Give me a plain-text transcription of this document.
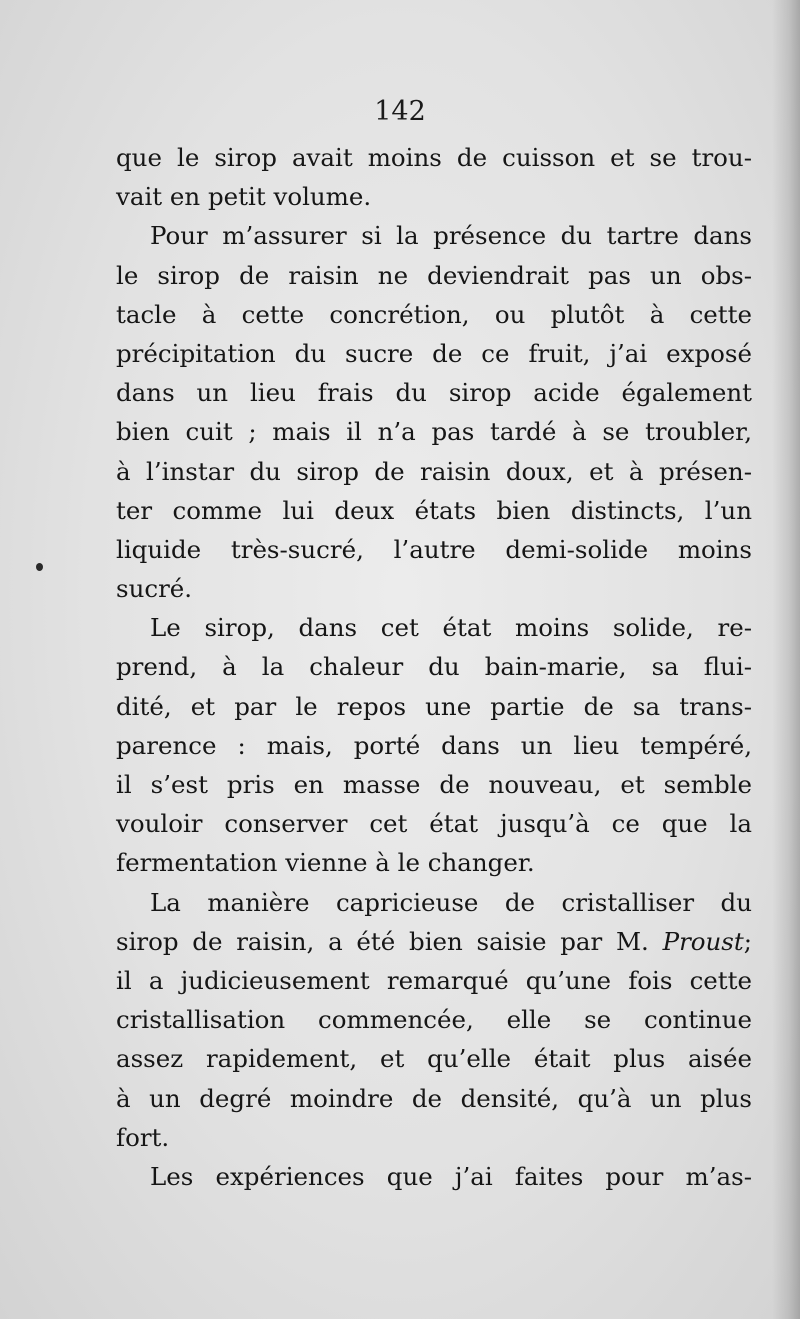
142
que le sirop avait moins de cuisson et se trou-
vait en petit volume.
Pour m’assurer si la présence du tartre dans
le sirop de raisin ne deviendrait pas un obs-
tacle à cette concrétion, ou plutôt à cette
précipitation du sucre de ce fruit, j’ai exposé
dans un lieu frais du sirop acide également
bien cuit ; mais il n’a pas tardé à se troubler,
à l’instar du sirop de raisin doux, et à présen-
ter comme lui deux états bien distincts, l’un
liquide très-sucré, l’autre demi-solide moins
sucré.
Le sirop, dans cet état moins solide, re-
prend, à la chaleur du bain-marie, sa flui-
dité, et par le repos une partie de sa trans-
parence : mais, porté dans un lieu tempéré,
il s’est pris en masse de nouveau, et semble
vouloir conserver cet état jusqu’à ce que la
fermentation vienne à le changer.
La manière capricieuse de cristalliser du
sirop de raisin, a été bien saisie par M. Proust;
il a judicieusement remarqué qu’une fois cette
cristallisation commencée, elle se continue
assez rapidement, et qu’elle était plus aisée
à un degré moindre de densité, qu’à un plus
fort.
Les expériences que j’ai faites pour m’as-
